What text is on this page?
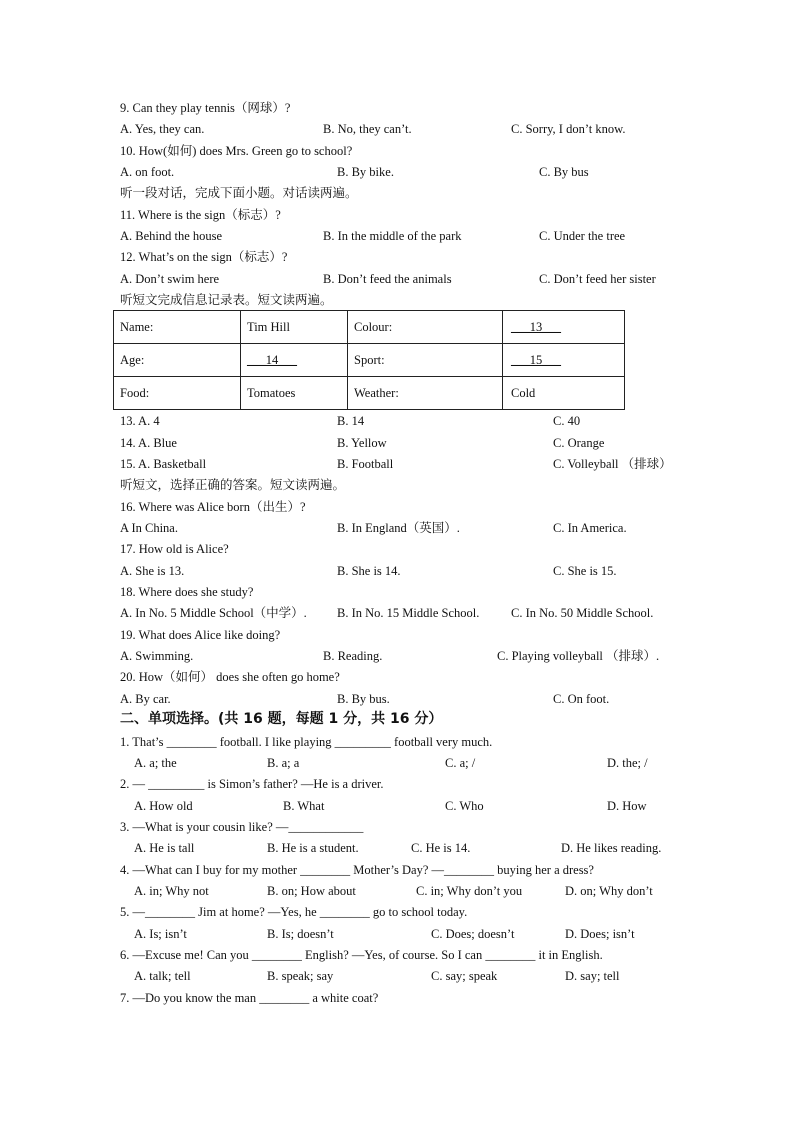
9. Can they play tennis（网球）?
A. Yes, they can.	B. No, they can’t.	C. Sorry, I don’t know.
10. How(如何) does Mrs. Green go to school?
A. on foot.	B. By bike.	C. By bus
听一段对话，完成下面小题。对话读两遍。
11. Where is the sign（标志）?
A. Behind the house	B. In the middle of the park	C. Under the tree
12. What’s on the sign（标志）?
A. Don’t swim here	B. Don’t feed the animals	C. Don’t feed her sister
听短文完成信息记录表。短文读两遍。
Name:	Tim Hill	Colour:	___13___
Age:	___14___	Sport:	___15___
Food:	Tomatoes	Weather:	Cold
13. A. 4	B. 14	C. 40
14. A. Blue	B. Yellow	C. Orange
15. A. Basketball	B. Football	C. Volleyball （排球）
听短文，选择正确的答案。短文读两遍。
16. Where was Alice born（出生）?
A In China.	B. In England（英国）.	C. In America.
17. How old is Alice?
A. She is 13.	B. She is 14.	C. She is 15.
18. Where does she study?
A. In No. 5 Middle School（中学）. B. In No. 15 Middle School.	C. In No. 50 Middle School.
19. What does Alice like doing?
A. Swimming.	B. Reading.	C. Playing volleyball （排球）.
20. How（如何） does she often go home?
A. By car.	B. By bus.	C. On foot.
二、单项选择。(共 16 题，每题 1 分，共 16 分）
1. That’s ________ football. I like playing _________ football very much.
A. a; the	B. a; a	C. a; /	D. the; /
2. — _________ is Simon’s father? —He is a driver.
A. How old	B. What	C. Who	D. How
3. —What is your cousin like? —____________
A. He is tall	B. He is a student.	C. He is 14.	D. He likes reading.
4. —What can I buy for my mother ________ Mother’s Day? —________ buying her a dress?
A. in; Why not	B. on; How about	C. in; Why don’t you	D. on; Why don’t
5. —________ Jim at home? —Yes, he ________ go to school today.
A. Is; isn’t	B. Is; doesn’t	C. Does; doesn’t	D. Does; isn’t
6. —Excuse me! Can you ________ English? —Yes, of course. So I can ________ it in English.
A. talk; tell	B. speak; say	C. say; speak	D. say; tell
7. —Do you know the man ________ a white coat?
